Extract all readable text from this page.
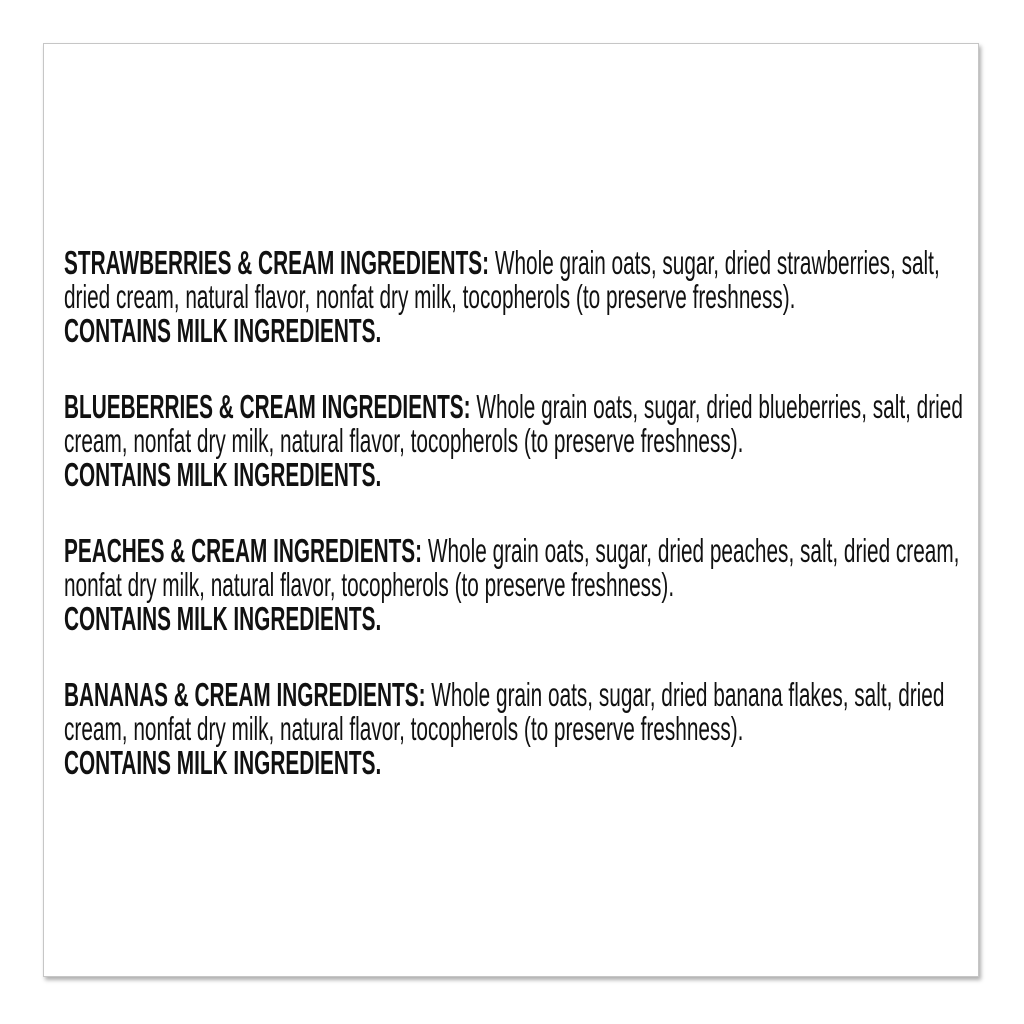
STRAWBERRIES & CREAM INGREDIENTS: Whole grain oats, sugar, dried strawberries, salt, dried cream, natural flavor, nonfat dry milk, tocopherols (to preserve freshness).

CONTAINS MILK INGREDIENTS.

BLUEBERRIES & CREAM INGREDIENTS: Whole grain oats, sugar, dried blueberries, salt, dried cream, nonfat dry milk, natural flavor, tocopherols (to preserve freshness).

CONTAINS MILK INGREDIENTS.

PEACHES & CREAM INGREDIENTS: Whole grain oats, sugar, dried peaches, salt, dried cream, nonfat dry milk, natural flavor, tocopherols (to preserve freshness).

CONTAINS MILK INGREDIENTS.

BANANAS & CREAM INGREDIENTS: Whole grain oats, sugar, dried banana flakes, salt, dried cream, nonfat dry milk, natural flavor, tocopherols (to preserve freshness).

CONTAINS MILK INGREDIENTS.
